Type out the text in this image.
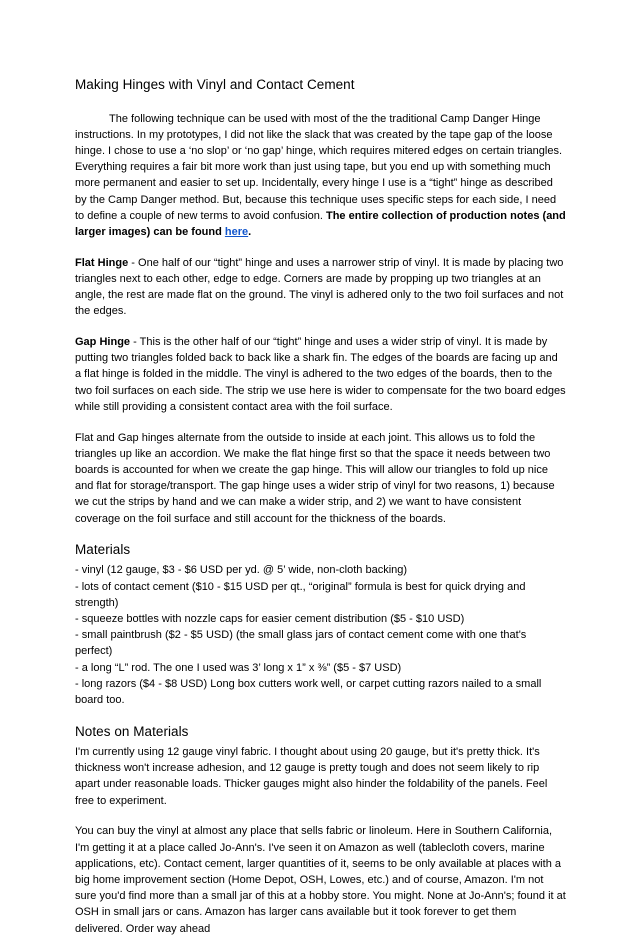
Making Hinges with Vinyl and Contact Cement

The following technique can be used with most of the the traditional Camp Danger Hinge instructions. In my prototypes, I did not like the slack that was created by the tape gap of the loose hinge. I chose to use a ‘no slop’ or ‘no gap’ hinge, which requires mitered edges on certain triangles. Everything requires a fair bit more work than just using tape, but you end up with something much more permanent and easier to set up. Incidentally, every hinge I use is a “tight” hinge as described by the Camp Danger method. But, because this technique uses specific steps for each side, I need to define a couple of new terms to avoid confusion. The entire collection of production notes (and larger images) can be found here.

Flat Hinge - One half of our “tight” hinge and uses a narrower strip of vinyl. It is made by placing two triangles next to each other, edge to edge. Corners are made by propping up two triangles at an angle, the rest are made flat on the ground. The vinyl is adhered only to the two foil surfaces and not the edges.

Gap Hinge - This is the other half of our “tight” hinge and uses a wider strip of vinyl. It is made by putting two triangles folded back to back like a shark fin. The edges of the boards are facing up and a flat hinge is folded in the middle. The vinyl is adhered to the two edges of the boards, then to the two foil surfaces on each side. The strip we use here is wider to compensate for the two board edges while still providing a consistent contact area with the foil surface.

Flat and Gap hinges alternate from the outside to inside at each joint. This allows us to fold the triangles up like an accordion. We make the flat hinge first so that the space it needs between two boards is accounted for when we create the gap hinge. This will allow our triangles to fold up nice and flat for storage/transport. The gap hinge uses a wider strip of vinyl for two reasons, 1) because we cut the strips by hand and we can make a wider strip, and 2) we want to have consistent coverage on the foil surface and still account for the thickness of the boards.

Materials
- vinyl (12 gauge, $3 - $6 USD per yd. @ 5’ wide, non-cloth backing)
- lots of contact cement ($10 - $15 USD per qt., “original” formula is best for quick drying and strength)
- squeeze bottles with nozzle caps for easier cement distribution ($5 - $10 USD)
- small paintbrush ($2 - $5 USD) (the small glass jars of contact cement come with one that's perfect)
- a long “L” rod. The one I used was 3’ long x 1” x ⅜” ($5 - $7 USD)
- long razors ($4 - $8 USD) Long box cutters work well, or carpet cutting razors nailed to a small board too.
Notes on Materials

I'm currently using 12 gauge vinyl fabric. I thought about using 20 gauge, but it's pretty thick. It's thickness won't increase adhesion, and 12 gauge is pretty tough and does not seem likely to rip apart under reasonable loads. Thicker gauges might also hinder the foldability of the panels. Feel free to experiment.

You can buy the vinyl at almost any place that sells fabric or linoleum. Here in Southern California, I'm getting it at a place called Jo-Ann's. I've seen it on Amazon as well (tablecloth covers, marine applications, etc). Contact cement, larger quantities of it, seems to be only available at places with a big home improvement section (Home Depot, OSH, Lowes, etc.) and of course, Amazon. I'm not sure you'd find more than a small jar of this at a hobby store. You might. None at Jo-Ann's; found it at OSH in small jars or cans. Amazon has larger cans available but it took forever to get them delivered. Order way ahead
